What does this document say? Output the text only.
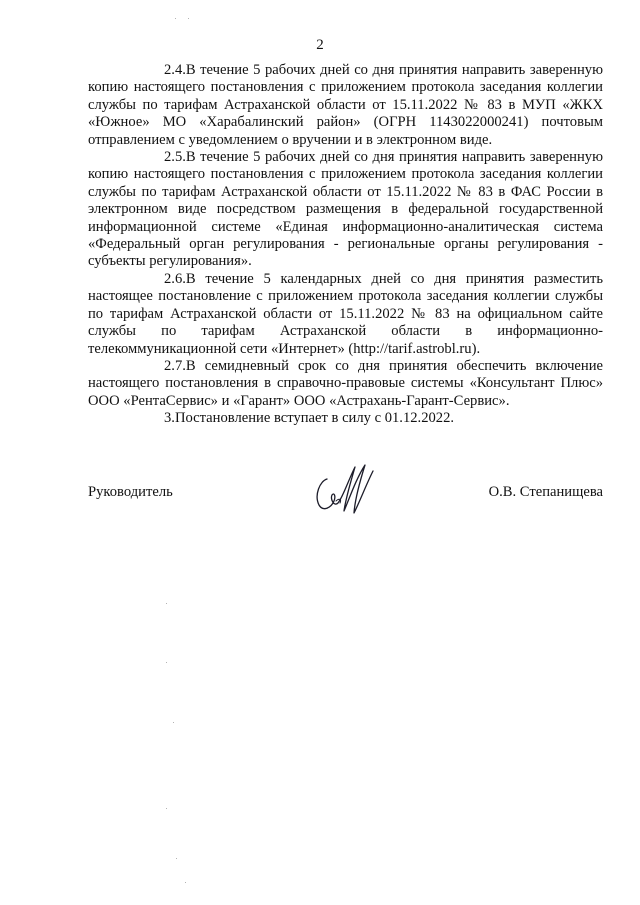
2

2.4.В течение 5 рабочих дней со дня принятия направить заверенную копию настоящего постановления с приложением протокола заседания коллегии службы по тарифам Астраханской области от 15.11.2022 № 83 в МУП «ЖКХ «Южное» МО «Харабалинский район» (ОГРН 1143022000241) почтовым отправлением с уведомлением о вручении и в электронном виде.

2.5.В течение 5 рабочих дней со дня принятия направить заверенную копию настоящего постановления с приложением протокола заседания коллегии службы по тарифам Астраханской области от 15.11.2022 № 83 в ФАС России в электронном виде посредством размещения в федеральной государственной информационной системе «Единая информационно-аналитическая система «Федеральный орган регулирования - региональные органы регулирования - субъекты регулирования».

2.6.В течение 5 календарных дней со дня принятия разместить настоящее постановление с приложением протокола заседания коллегии службы по тарифам Астраханской области от 15.11.2022 № 83 на официальном сайте службы по тарифам Астраханской области в информационно-телекоммуникационной сети «Интернет» (http://tarif.astrobl.ru).

2.7.В семидневный срок со дня принятия обеспечить включение настоящего постановления в справочно-правовые системы «Консультант Плюс» ООО «РентаСервис» и «Гарант» ООО «Астрахань-Гарант-Сервис».

3.Постановление вступает в силу с 01.12.2022.

Руководитель	О.В. Степанищева
